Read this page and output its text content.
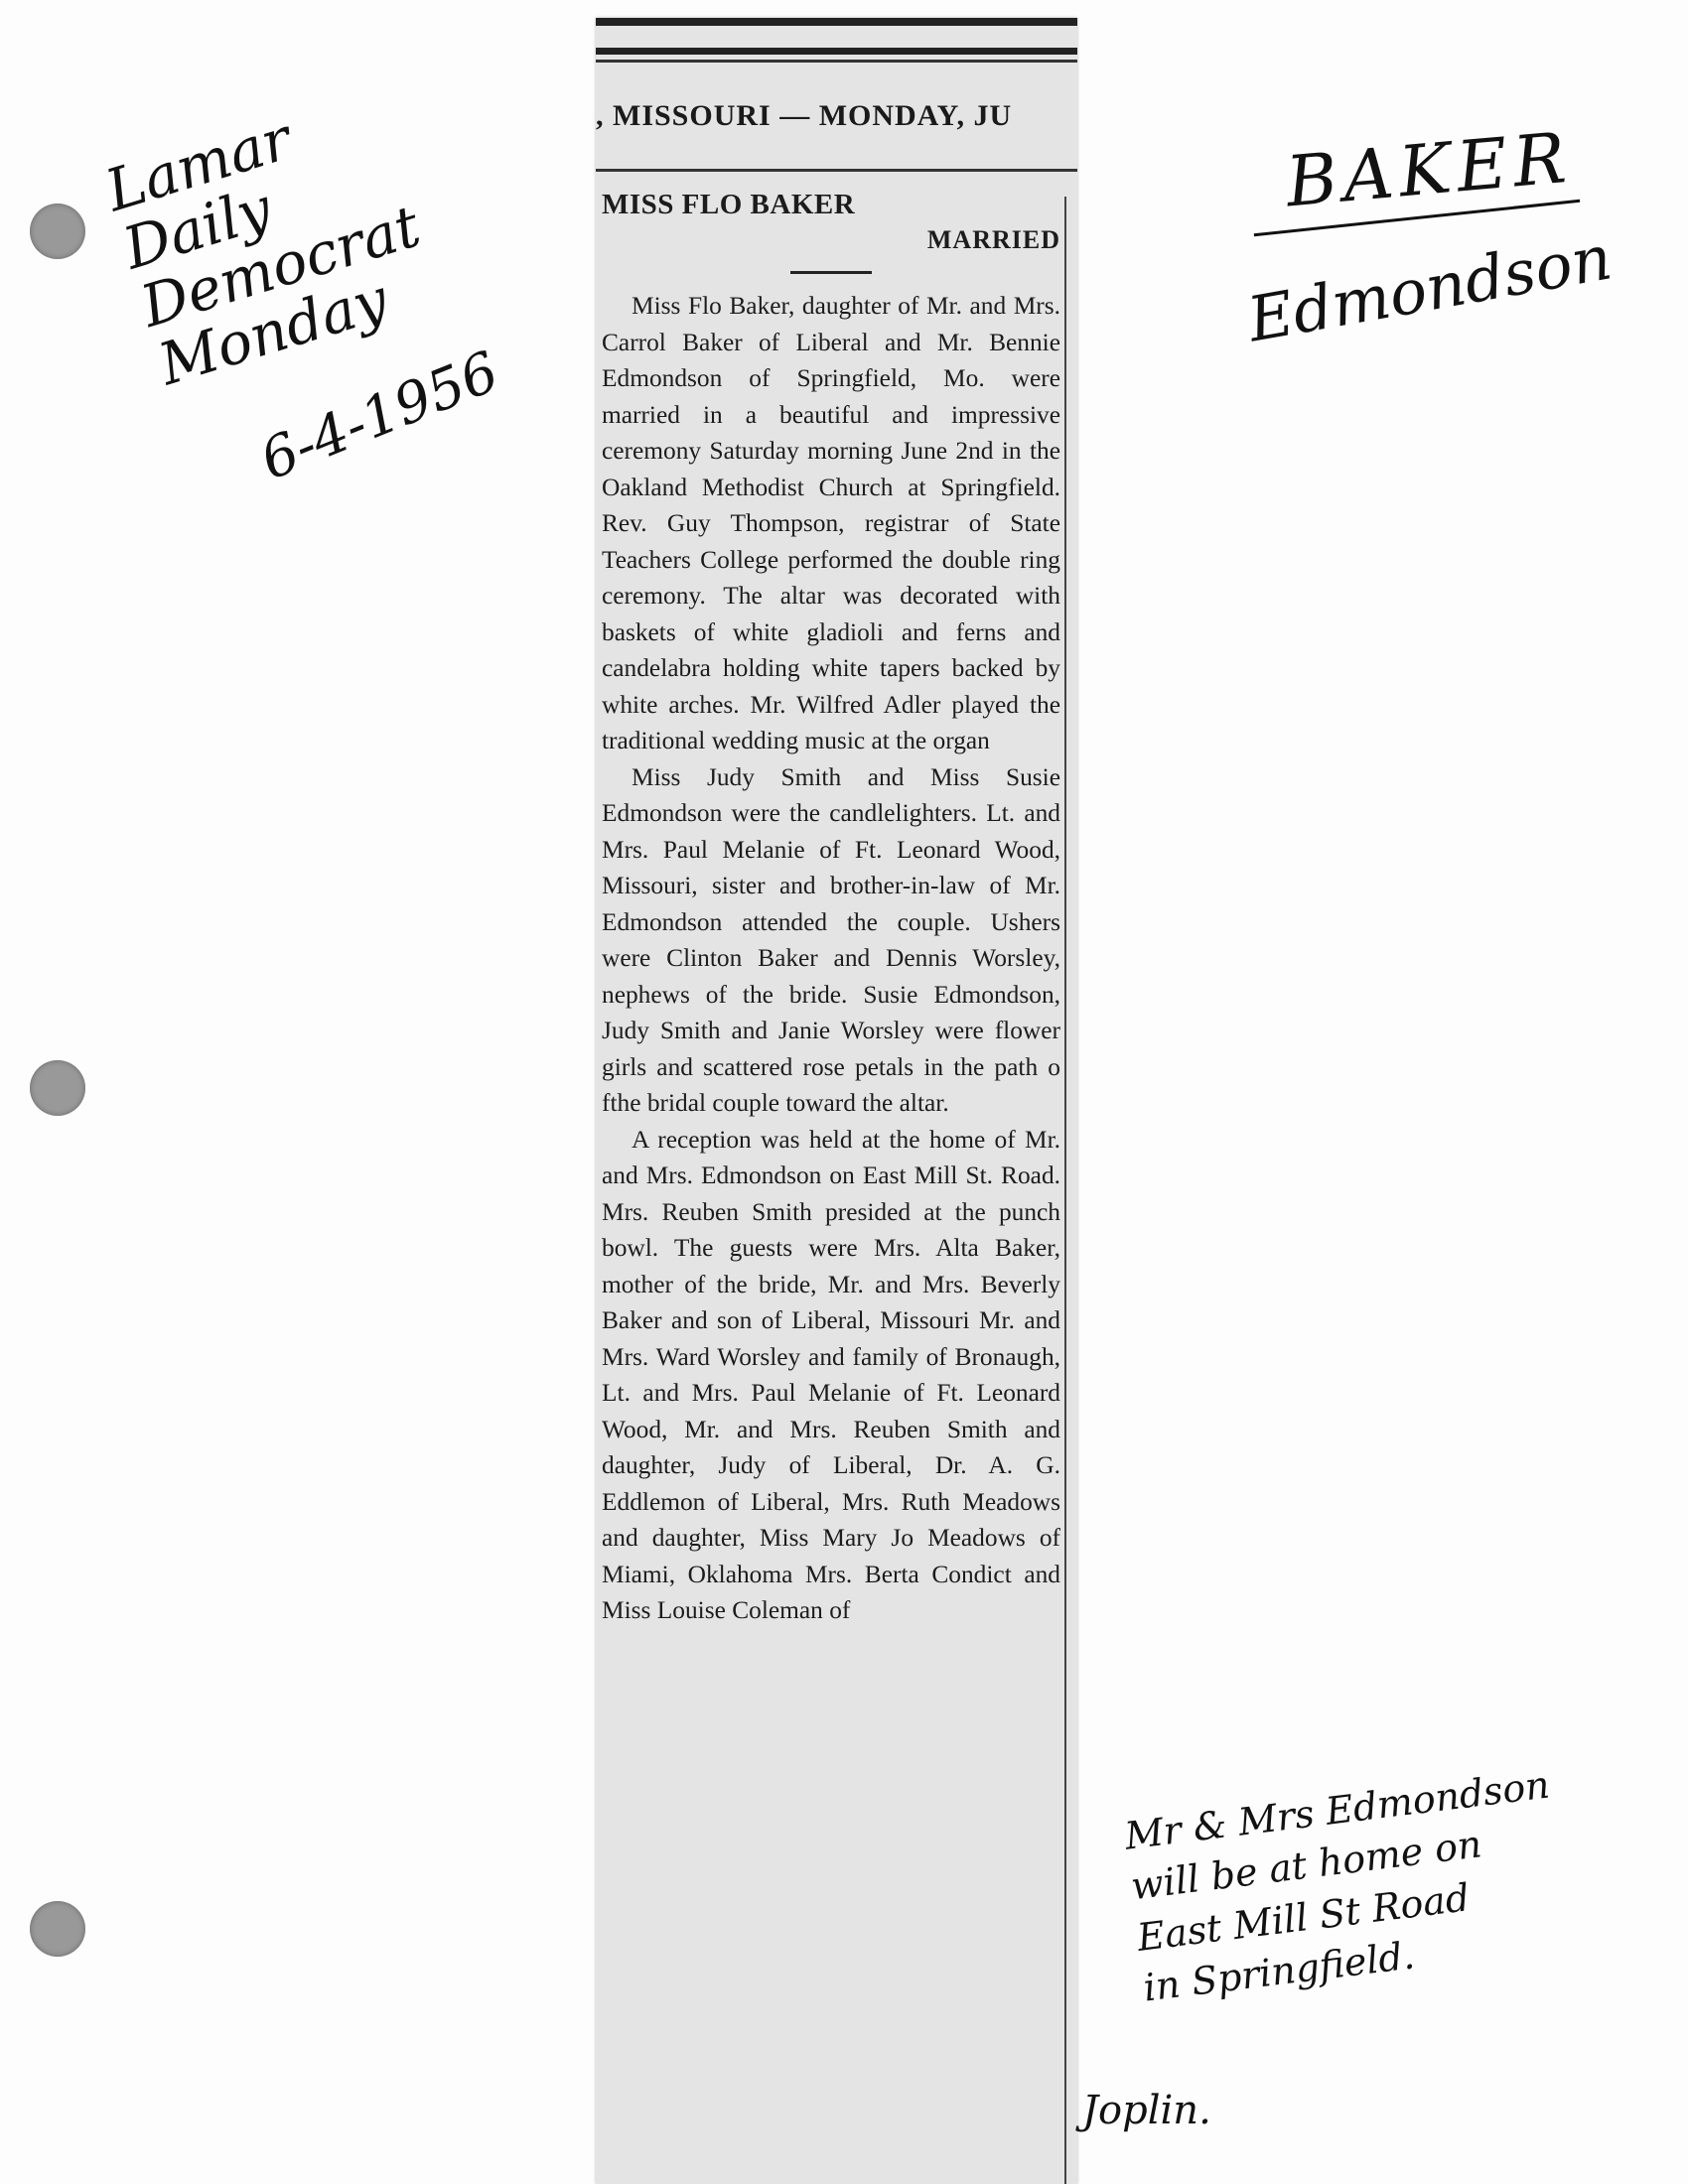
Lamar
Daily
Democrat
Monday
6-4-1956
BAKER
Edmondson
, MISSOURI — MONDAY, JU

MISS FLO BAKER

MARRIED

Miss Flo Baker, daughter of Mr. and Mrs. Carrol Baker of Liberal and Mr. Bennie Edmondson of Springfield, Mo. were married in a beautiful and impressive ceremony Saturday morning June 2nd in the Oakland Methodist Church at Springfield. Rev. Guy Thompson, registrar of State Teachers College performed the double ring ceremony. The altar was decorated with baskets of white gladioli and ferns and candelabra holding white tapers backed by white arches. Mr. Wilfred Adler played the traditional wedding music at the organ

Miss Judy Smith and Miss Susie Edmondson were the candlelighters. Lt. and Mrs. Paul Melanie of Ft. Leonard Wood, Missouri, sister and brother-in-law of Mr. Edmondson attended the couple. Ushers were Clinton Baker and Dennis Worsley, nephews of the bride. Susie Edmondson, Judy Smith and Janie Worsley were flower girls and scattered rose petals in the path o fthe bridal couple toward the altar.

A reception was held at the home of Mr. and Mrs. Edmondson on East Mill St. Road. Mrs. Reuben Smith presided at the punch bowl. The guests were Mrs. Alta Baker, mother of the bride, Mr. and Mrs. Beverly Baker and son of Liberal, Missouri Mr. and Mrs. Ward Worsley and family of Bronaugh, Lt. and Mrs. Paul Melanie of Ft. Leonard Wood, Mr. and Mrs. Reuben Smith and daughter, Judy of Liberal, Dr. A. G. Eddlemon of Liberal, Mrs. Ruth Meadows and daughter, Miss Mary Jo Meadows of Miami, Oklahoma Mrs. Berta Condict and Miss Louise Coleman of

Mr & Mrs Edmondson
will be at home on
East Mill St Road
in Springfield.
Joplin.
